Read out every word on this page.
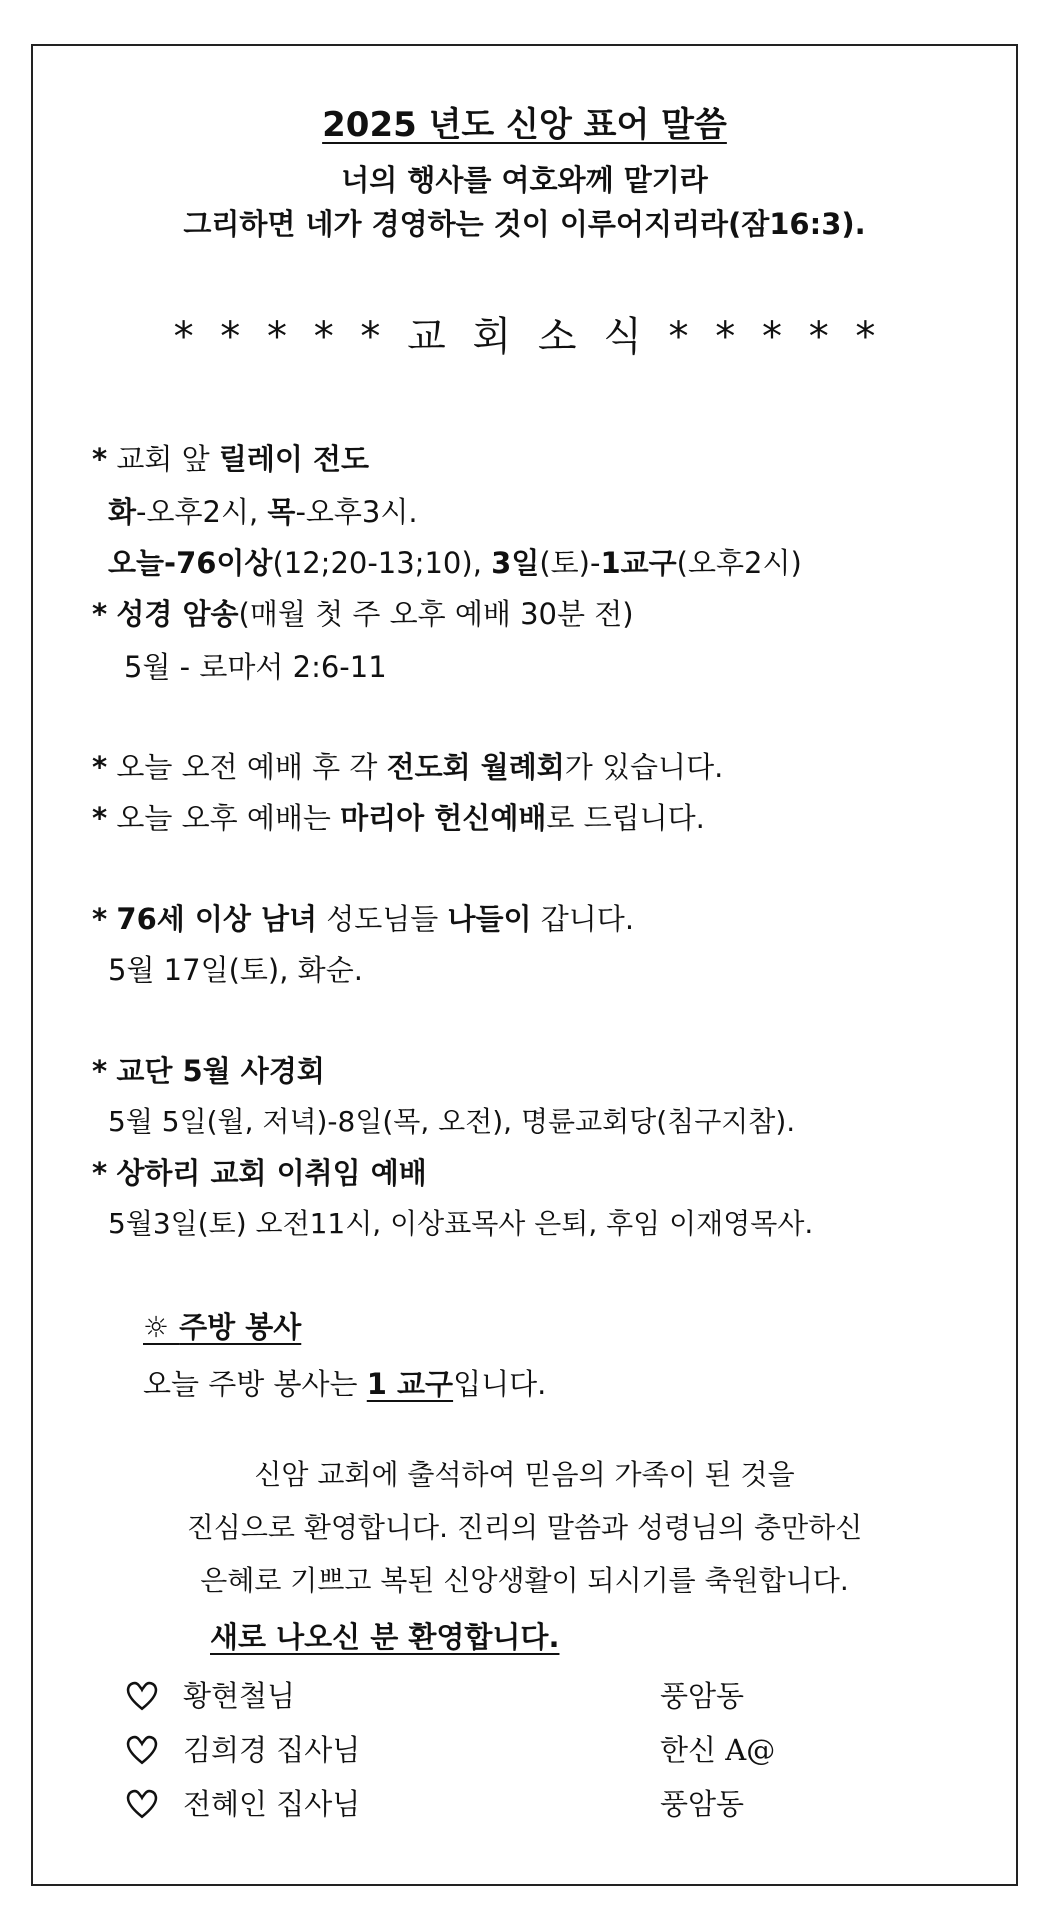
2025 년도 신앙 표어 말씀
너의 행사를 여호와께 맡기라
그리하면 네가 경영하는 것이 이루어지리라(잠16:3).
* * * * * 교 회 소 식 * * * * *
* 교회 앞 릴레이 전도
화-오후2시, 목-오후3시.
오늘-76이상(12;20-13;10), 3일(토)-1교구(오후2시)
* 성경 암송(매월 첫 주 오후 예배 30분 전)
5월 - 로마서 2:6-11
* 오늘 오전 예배 후 각 전도회 월례회가 있습니다.
* 오늘 오후 예배는 마리아 헌신예배로 드립니다.
* 76세 이상 남녀 성도님들 나들이 갑니다.
5월 17일(토), 화순.
* 교단 5월 사경회
5월 5일(월, 저녁)-8일(목, 오전), 명륜교회당(침구지참).
* 상하리 교회 이취임 예배
5월3일(토) 오전11시, 이상표목사 은퇴, 후임 이재영목사.
☼ 주방 봉사
오늘 주방 봉사는 1 교구입니다.
신암 교회에 출석하여 믿음의 가족이 된 것을
진심으로 환영합니다. 진리의 말씀과 성령님의 충만하신
은혜로 기쁘고 복된 신앙생활이 되시기를 축원합니다.
새로 나오신 분 환영합니다.
황현철님	풍암동
김희경 집사님	한신 A@
전혜인 집사님	풍암동
